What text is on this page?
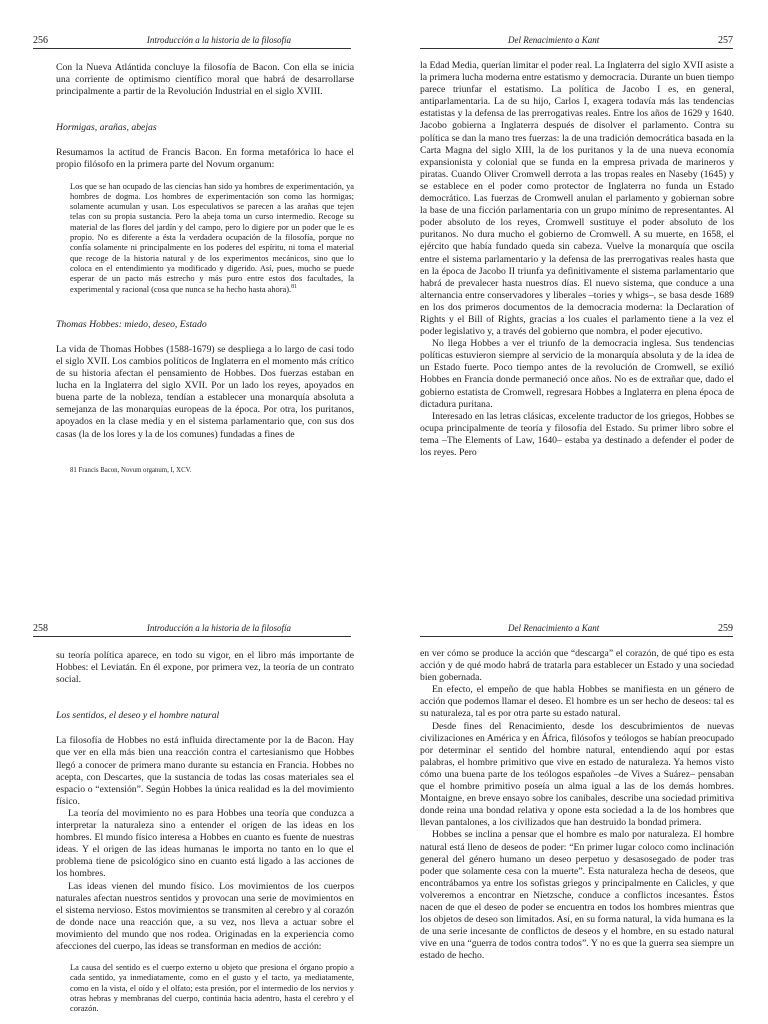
256	Introducción a la historia de la filosofía

Con la Nueva Atlántida concluye la filosofía de Bacon. Con ella se inicia una corriente de optimismo científico moral que habrá de desarrollarse principalmente a partir de la Revolución Industrial en el siglo XVIII.

Hormigas, arañas, abejas

Resumamos la actitud de Francis Bacon. En forma metafórica lo hace el propio filósofo en la primera parte del Novum organum:

Los que se han ocupado de las ciencias han sido ya hombres de experimentación, ya hombres de dogma. Los hombres de experimentación son como las hormigas; solamente acumulan y usan. Los especulativos se parecen a las arañas que tejen telas con su propia sustancia. Pero la abeja toma un curso intermedio. Recoge su material de las flores del jardín y del campo, pero lo digiere por un poder que le es propio. No es diferente a ésta la verdadera ocupación de la filosofía, porque no confía solamente ni principalmente en los poderes del espíritu, ni toma el material que recoge de la historia natural y de los experimentos mecánicos, sino que lo coloca en el entendimiento ya modificado y digerido. Así, pues, mucho se puede esperar de un pacto más estrecho y más puro entre estos dos facultades, la experimental y racional (cosa que nunca se ha hecho hasta ahora).$^{81}$

Thomas Hobbes: miedo, deseo, Estado

La vida de Thomas Hobbes (1588-1679) se despliega a lo largo de casi todo el siglo XVII. Los cambios políticos de Inglaterra en el momento más crítico de su historia afectan el pensamiento de Hobbes. Dos fuerzas estaban en lucha en la Inglaterra del siglo XVII. Por un lado los reyes, apoyados en buena parte de la nobleza, tendían a establecer una monarquía absoluta a semejanza de las monarquías europeas de la época. Por otra, los puritanos, apoyados en la clase media y en el sistema parlamentario que, con sus dos casas (la de los lores y la de los comunes) fundadas a fines de

81 Francis Bacon, Novum organum, I, XCV.

Del Renacimiento a Kant	257

la Edad Media, querían limitar el poder real. La Inglaterra del siglo XVII asiste a la primera lucha moderna entre estatismo y democracia. Durante un buen tiempo parece triunfar el estatismo. La política de Jacobo I es, en general, antiparlamentaria. La de su hijo, Carlos I, exagera todavía más las tendencias estatistas y la defensa de las prerrogativas reales. Entre los años de 1629 y 1640. Jacobo gobierna a Inglaterra después de disolver el parlamento. Contra su política se dan la mano tres fuerzas: la de una tradición democrática basada en la Carta Magna del siglo XIII, la de los puritanos y la de una nueva economía expansionista y colonial que se funda en la empresa privada de marineros y piratas. Cuando Oliver Cromwell derrota a las tropas reales en Naseby (1645) y se establece en el poder como protector de Inglaterra no funda un Estado democrático. Las fuerzas de Cromwell anulan el parlamento y gobiernan sobre la base de una ficción parlamentaria con un grupo mínimo de representantes. Al poder absoluto de los reyes, Cromwell sustituye el poder absoluto de los puritanos. No dura mucho el gobierno de Cromwell. A su muerte, en 1658, el ejército que había fundado queda sin cabeza. Vuelve la monarquía que oscila entre el sistema parlamentario y la defensa de las prerrogativas reales hasta que en la época de Jacobo II triunfa ya definitivamente el sistema parlamentario que habrá de prevalecer hasta nuestros días. El nuevo sistema, que conduce a una alternancia entre conservadores y liberales –tories y whigs–, se basa desde 1689 en los dos primeros documentos de la democracia moderna: la Declaration of Rights y el Bill of Rights, gracias a los cuales el parlamento tiene a la vez el poder legislativo y, a través del gobierno que nombra, el poder ejecutivo.

No llega Hobbes a ver el triunfo de la democracia inglesa. Sus tendencias políticas estuvieron siempre al servicio de la monarquía absoluta y de la idea de un Estado fuerte. Poco tiempo antes de la revolución de Cromwell, se exilió Hobbes en Francia donde permaneció once años. No es de extrañar que, dado el gobierno estatista de Cromwell, regresara Hobbes a Inglaterra en plena época de dictadura puritana.

Interesado en las letras clásicas, excelente traductor de los griegos, Hobbes se ocupa principalmente de teoría y filosofía del Estado. Su primer libro sobre el tema –The Elements of Law, 1640– estaba ya destinado a defender el poder de los reyes. Pero

258	Introducción a la historia de la filosofía

su teoría política aparece, en todo su vigor, en el libro más importante de Hobbes: el Leviatán. En él expone, por primera vez, la teoría de un contrato social.

Los sentidos, el deseo y el hombre natural

La filosofía de Hobbes no está influida directamente por la de Bacon. Hay que ver en ella más bien una reacción contra el cartesianismo que Hobbes llegó a conocer de primera mano durante su estancia en Francia. Hobbes no acepta, con Descartes, que la sustancia de todas las cosas materiales sea el espacio o “extensión”. Según Hobbes la única realidad es la del movimiento físico.

La teoría del movimiento no es para Hobbes una teoría que conduzca a interpretar la naturaleza sino a entender el origen de las ideas en los hombres. El mundo físico interesa a Hobbes en cuanto es fuente de nuestras ideas. Y el origen de las ideas humanas le importa no tanto en lo que el problema tiene de psicológico sino en cuanto está ligado a las acciones de los hombres.

Las ideas vienen del mundo físico. Los movimientos de los cuerpos naturales afectan nuestros sentidos y provocan una serie de movimientos en el sistema nervioso. Estos movimientos se transmiten al cerebro y al corazón de donde nace una reacción que, a su vez, nos lleva a actuar sobre el movimiento del mundo que nos rodea. Originadas en la experiencia como afecciones del cuerpo, las ideas se transforman en medios de acción:

La causa del sentido es el cuerpo externo u objeto que presiona el órgano propio a cada sentido, ya inmediatamente, como en el gusto y el tacto, ya mediatamente, como en la vista, el oído y el olfato; esta presión, por el intermedio de los nervios y otras hebras y membranas del cuerpo, continúa hacia adentro, hasta el cerebro y el corazón.
Del Renacimiento a Kant	259

en ver cómo se produce la acción que “descarga” el corazón, de qué tipo es esta acción y de qué modo habrá de tratarla para establecer un Estado y una sociedad bien gobernada.

En efecto, el empeño de que habla Hobbes se manifiesta en un género de acción que podemos llamar el deseo. El hombre es un ser hecho de deseos: tal es su naturaleza, tal es por otra parte su estado natural.

Desde fines del Renacimiento, desde los descubrimientos de nuevas civilizaciones en América y en África, filósofos y teólogos se habían preocupado por determinar el sentido del hombre natural, entendiendo aquí por estas palabras, el hombre primitivo que vive en estado de naturaleza. Ya hemos visto cómo una buena parte de los teólogos españoles –de Vives a Suárez– pensaban que el hombre primitivo poseía un alma igual a las de los demás hombres. Montaigne, en breve ensayo sobre los caníbales, describe una sociedad primitiva donde reina una bondad relativa y opone esta sociedad a la de los hombres que llevan pantalones, a los civilizados que han destruido la bondad primera.

Hobbes se inclina a pensar que el hombre es malo por naturaleza. El hombre natural está lleno de deseos de poder: “En primer lugar coloco como inclinación general del género humano un deseo perpetuo y desasosegado de poder tras poder que solamente cesa con la muerte”. Esta naturaleza hecha de deseos, que encontrábamos ya entre los sofistas griegos y principalmente en Calicles, y que volveremos a encontrar en Nietzsche, conduce a conflictos incesantes. Éstos nacen de que el deseo de poder se encuentra en todos los hombres mientras que los objetos de deseo son limitados. Así, en su forma natural, la vida humana es la de una serie incesante de conflictos de deseos y el hombre, en su estado natural vive en una “guerra de todos contra todos”. Y no es que la guerra sea siempre un estado de hecho.
